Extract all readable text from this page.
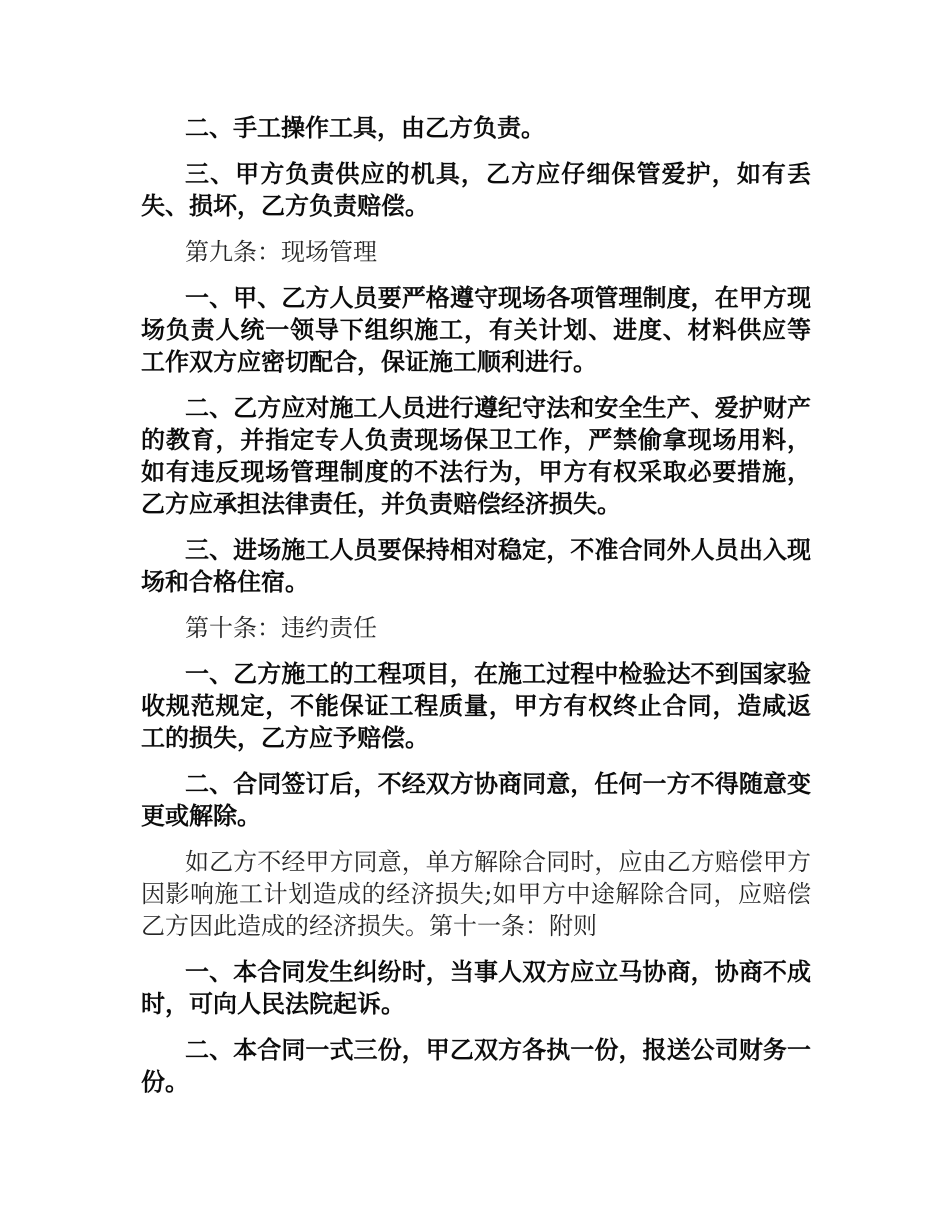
二、手工操作工具，由乙方负责。

三、甲方负责供应的机具，乙方应仔细保管爱护，如有丢失、损坏，乙方负责赔偿。

第九条：现场管理

一、甲、乙方人员要严格遵守现场各项管理制度，在甲方现场负责人统一领导下组织施工，有关计划、进度、材料供应等工作双方应密切配合，保证施工顺利进行。

二、乙方应对施工人员进行遵纪守法和安全生产、爱护财产的教育，并指定专人负责现场保卫工作，严禁偷拿现场用料，如有违反现场管理制度的不法行为，甲方有权采取必要措施，乙方应承担法律责任，并负责赔偿经济损失。

三、进场施工人员要保持相对稳定，不准合同外人员出入现场和合格住宿。

第十条：违约责任

一、乙方施工的工程项目，在施工过程中检验达不到国家验收规范规定，不能保证工程质量，甲方有权终止合同，造咸返工的损失，乙方应予赔偿。

二、合同签订后，不经双方协商同意，任何一方不得随意变更或解除。

如乙方不经甲方同意，单方解除合同时，应由乙方赔偿甲方因影响施工计划造成的经济损失;如甲方中途解除合同，应赔偿乙方因此造成的经济损失。第十一条：附则

一、本合同发生纠纷时，当事人双方应立马协商，协商不成时，可向人民法院起诉。

二、本合同一式三份，甲乙双方各执一份，报送公司财务一份。
